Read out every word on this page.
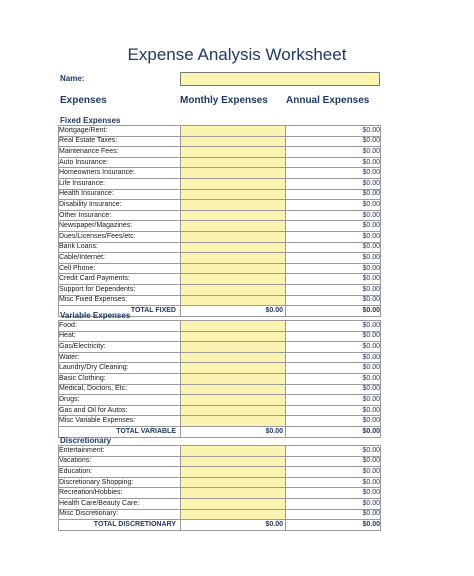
Expense Analysis Worksheet
Name:
Expenses	Monthly Expenses Annual Expenses
Fixed Expenses
Mortgage/Rent:		$0.00
Real Estate Taxes:		$0.00
Maintenance Fees:		$0.00
Auto Insurance:		$0.00
Homeowners Insurance:		$0.00
Life Insurance:		$0.00
Health Insurance:		$0.00
Disability Insurance:		$0.00
Other Insurance:		$0.00
Newspaper/Magazines:		$0.00
Dues/Licenses/Fees/etc:		$0.00
Bank Loans:		$0.00
Cable/Internet:		$0.00
Cell Phone:		$0.00
Credit Card Payments:		$0.00
Support for Dependents:		$0.00
Misc Fixed Expenses:		$0.00
TOTAL FIXED	$0.00	$0.00
Variable Expenses
Food:		$0.00
Heat:		$0.00
Gas/Electricity:		$0.00
Water:		$0.00
Laundry/Dry Cleaning:		$0.00
Basic Clothing:		$0.00
Medical, Doctors, Etc:		$0.00
Drugs:		$0.00
Gas and Oil for Autos:		$0.00
Misc Variable Expenses:		$0.00
TOTAL VARIABLE	$0.00	$0.00
Discretionary
Entertainment:		$0.00
Vacations:		$0.00
Education:		$0.00
Discretionary Shopping:		$0.00
Recreation/Hobbies:		$0.00
Health Care/Beauty Care:		$0.00
Misc Discretionary:		$0.00
TOTAL DISCRETIONARY	$0.00	$0.00
